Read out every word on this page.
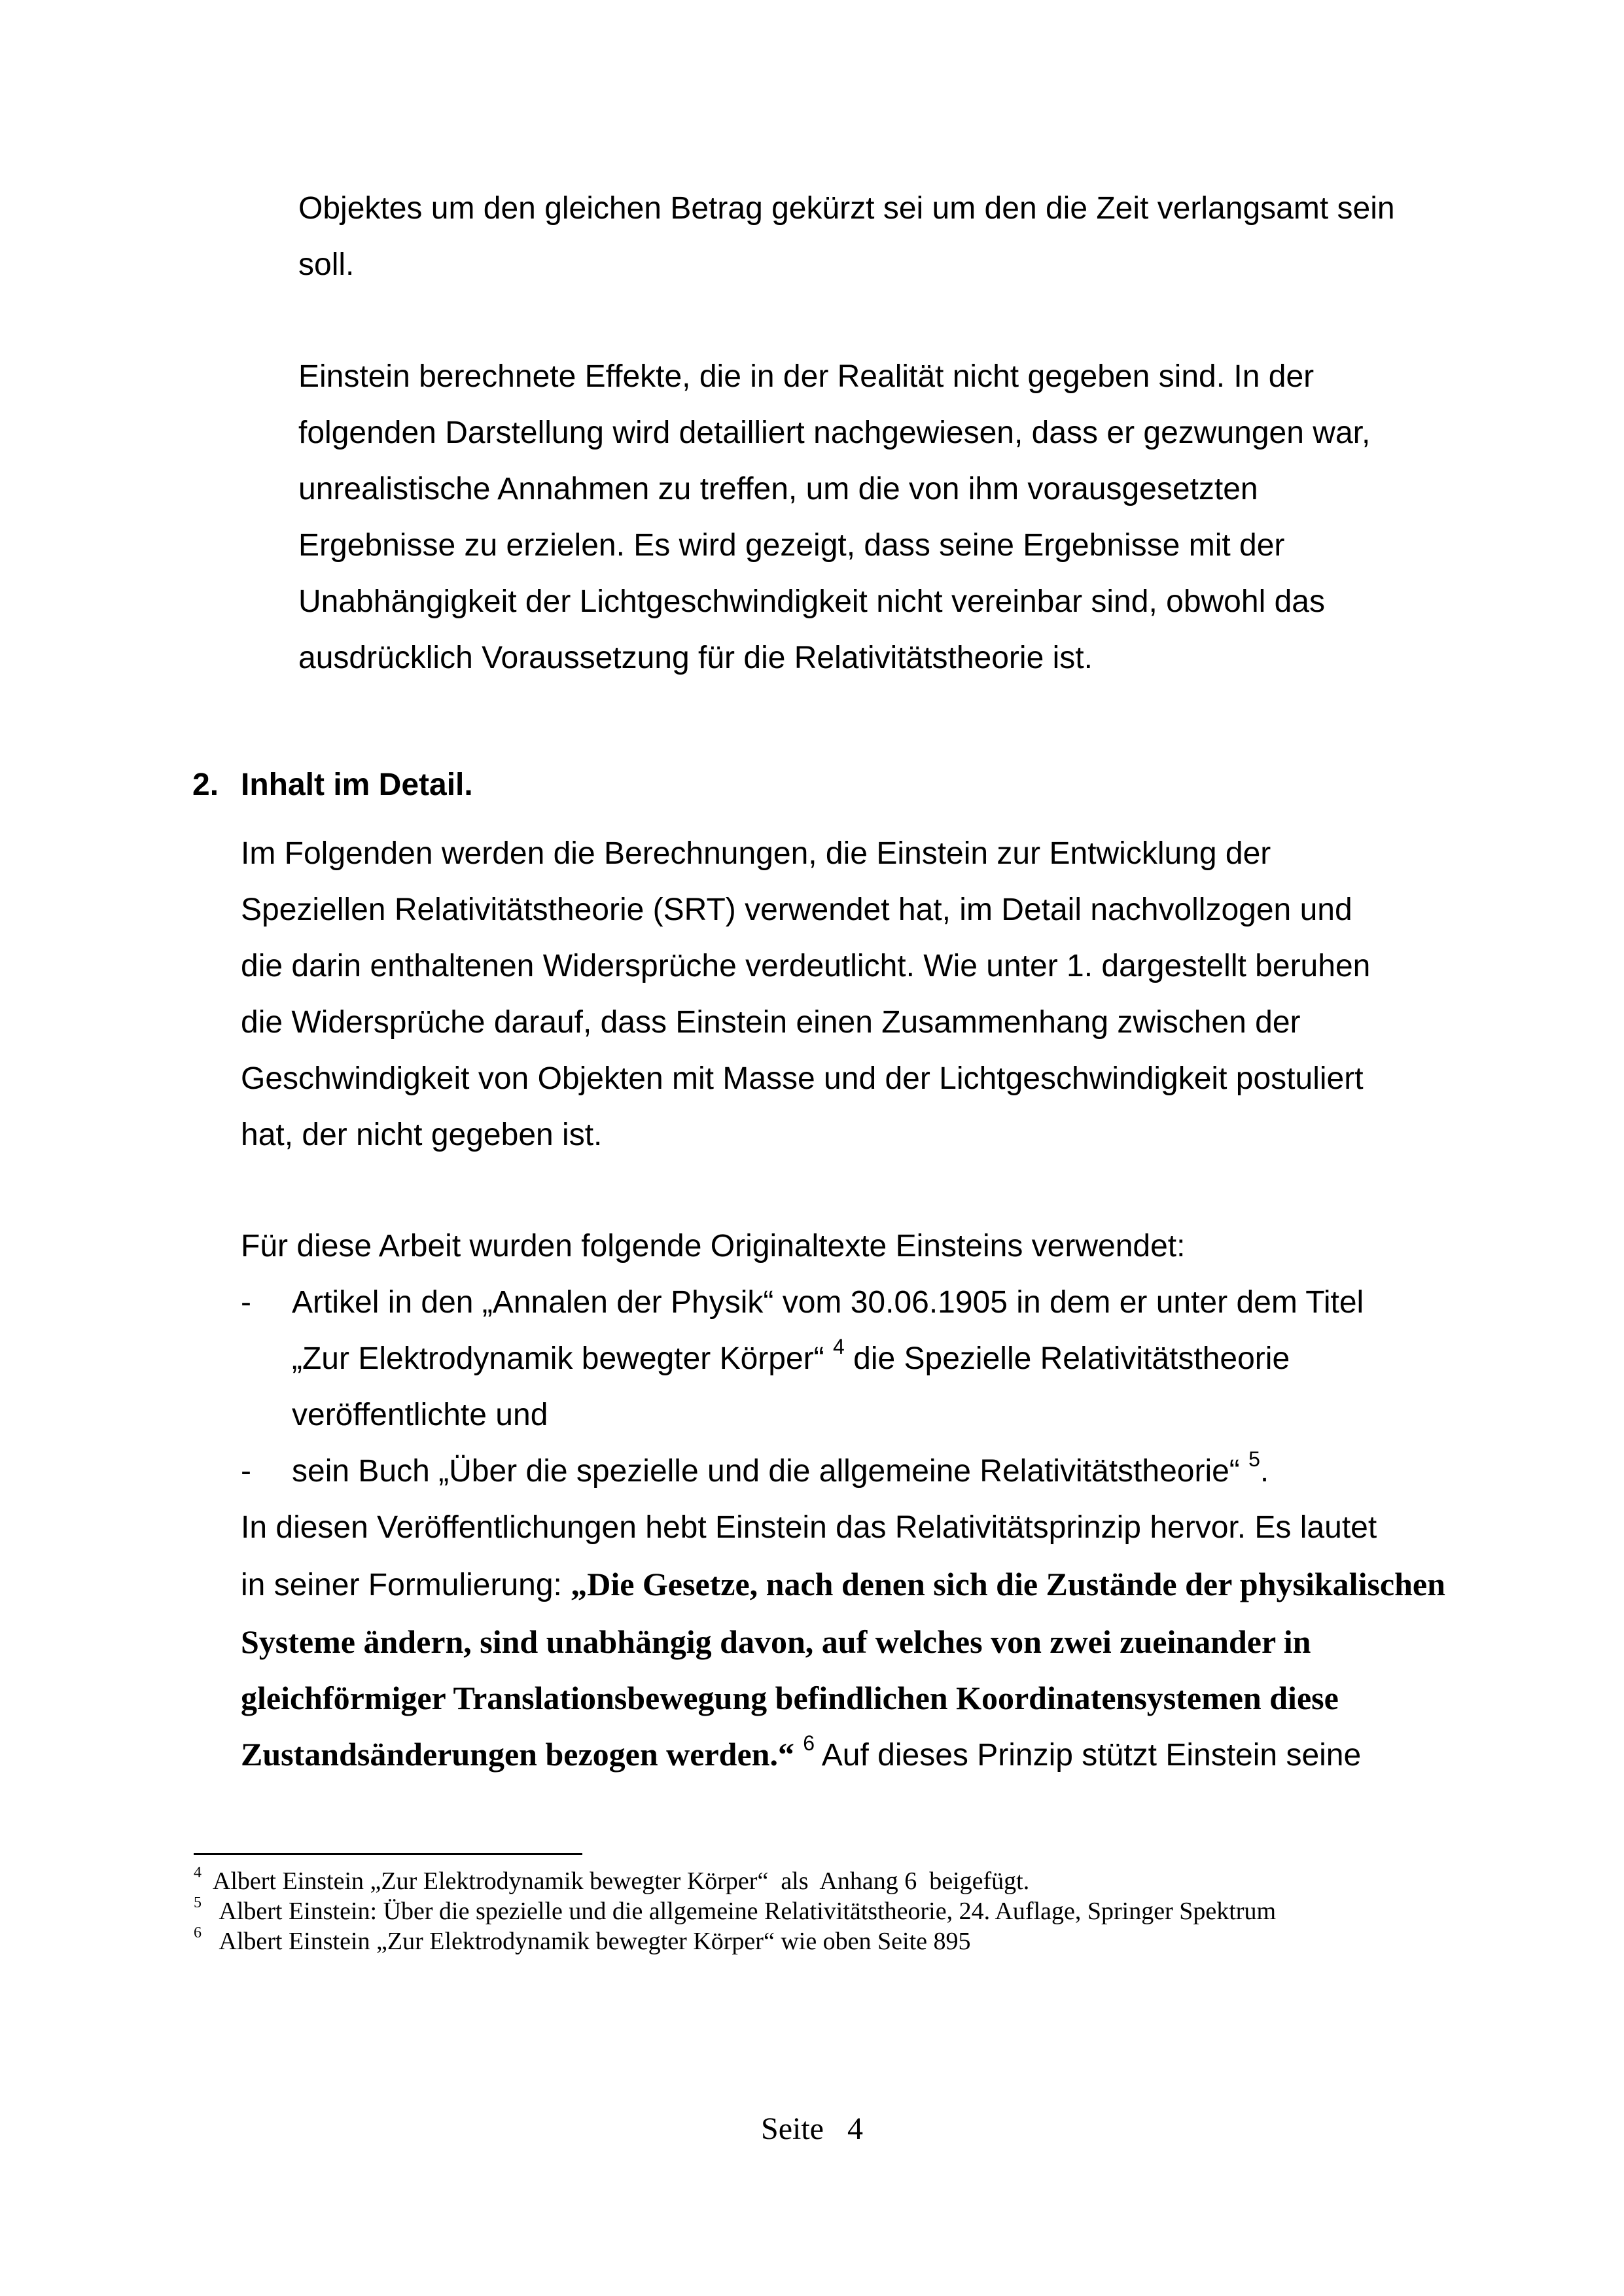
Objektes um den gleichen Betrag gekürzt sei um den die Zeit verlangsamt sein
soll.
Einstein berechnete Effekte, die in der Realität nicht gegeben sind. In der
folgenden Darstellung wird detailliert nachgewiesen, dass er gezwungen war,
unrealistische Annahmen zu treffen, um die von ihm vorausgesetzten
Ergebnisse zu erzielen. Es wird gezeigt, dass seine Ergebnisse mit der
Unabhängigkeit der Lichtgeschwindigkeit nicht vereinbar sind, obwohl das
ausdrücklich Voraussetzung für die Relativitätstheorie ist.
2. Inhalt im Detail.
Im Folgenden werden die Berechnungen, die Einstein zur Entwicklung der
Speziellen Relativitätstheorie (SRT) verwendet hat, im Detail nachvollzogen und
die darin enthaltenen Widersprüche verdeutlicht. Wie unter 1. dargestellt beruhen
die Widersprüche darauf, dass Einstein einen Zusammenhang zwischen der
Geschwindigkeit von Objekten mit Masse und der Lichtgeschwindigkeit postuliert
hat, der nicht gegeben ist.
Für diese Arbeit wurden folgende Originaltexte Einsteins verwendet:
- Artikel in den „Annalen der Physik“ vom 30.06.1905 in dem er unter dem Titel
„Zur Elektrodynamik bewegter Körper“ $^4$ die Spezielle Relativitätstheorie
veröffentlichte und
- sein Buch „Über die spezielle und die allgemeine Relativitätstheorie“ $^5$.
In diesen Veröffentlichungen hebt Einstein das Relativitätsprinzip hervor. Es lautet
in seiner Formulierung: „Die Gesetze, nach denen sich die Zustände der physikalischen
Systeme ändern, sind unabhängig davon, auf welches von zwei zueinander in
gleichförmiger Translationsbewegung befindlichen Koordinatensystemen diese
Zustandsänderungen bezogen werden.“ $^6$ Auf dieses Prinzip stützt Einstein seine
$^4$  Albert Einstein „Zur Elektrodynamik bewegter Körper“  als  Anhang 6  beigefügt.
$^5$   Albert Einstein: Über die spezielle und die allgemeine Relativitätstheorie, 24. Auflage, Springer Spektrum
$^6$   Albert Einstein „Zur Elektrodynamik bewegter Körper“ wie oben Seite 895
Seite 4
